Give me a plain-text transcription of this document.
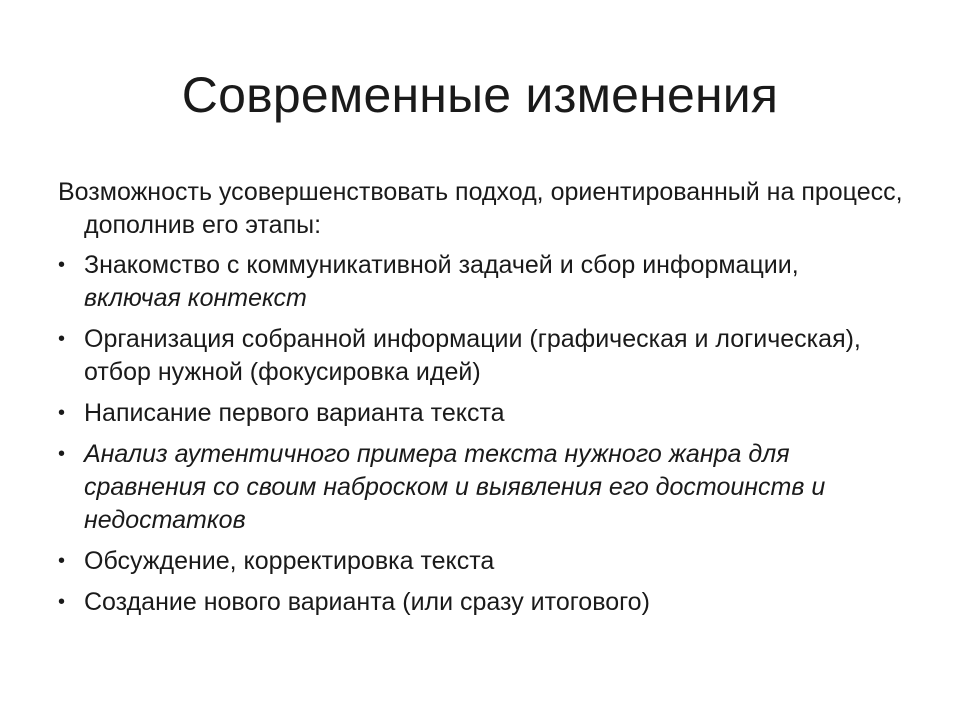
Современные изменения
Возможность усовершенствовать подход, ориентированный на процесс, дополнив его этапы:
• Знакомство с коммуникативной задачей и сбор информации,
включая контекст
• Организация собранной информации (графическая и логическая), отбор нужной (фокусировка идей)
• Написание первого варианта текста
• Анализ аутентичного примера текста нужного жанра для сравнения со своим наброском и выявления его достоинств и недостатков
• Обсуждение, корректировка текста
• Создание нового варианта (или сразу итогового)
